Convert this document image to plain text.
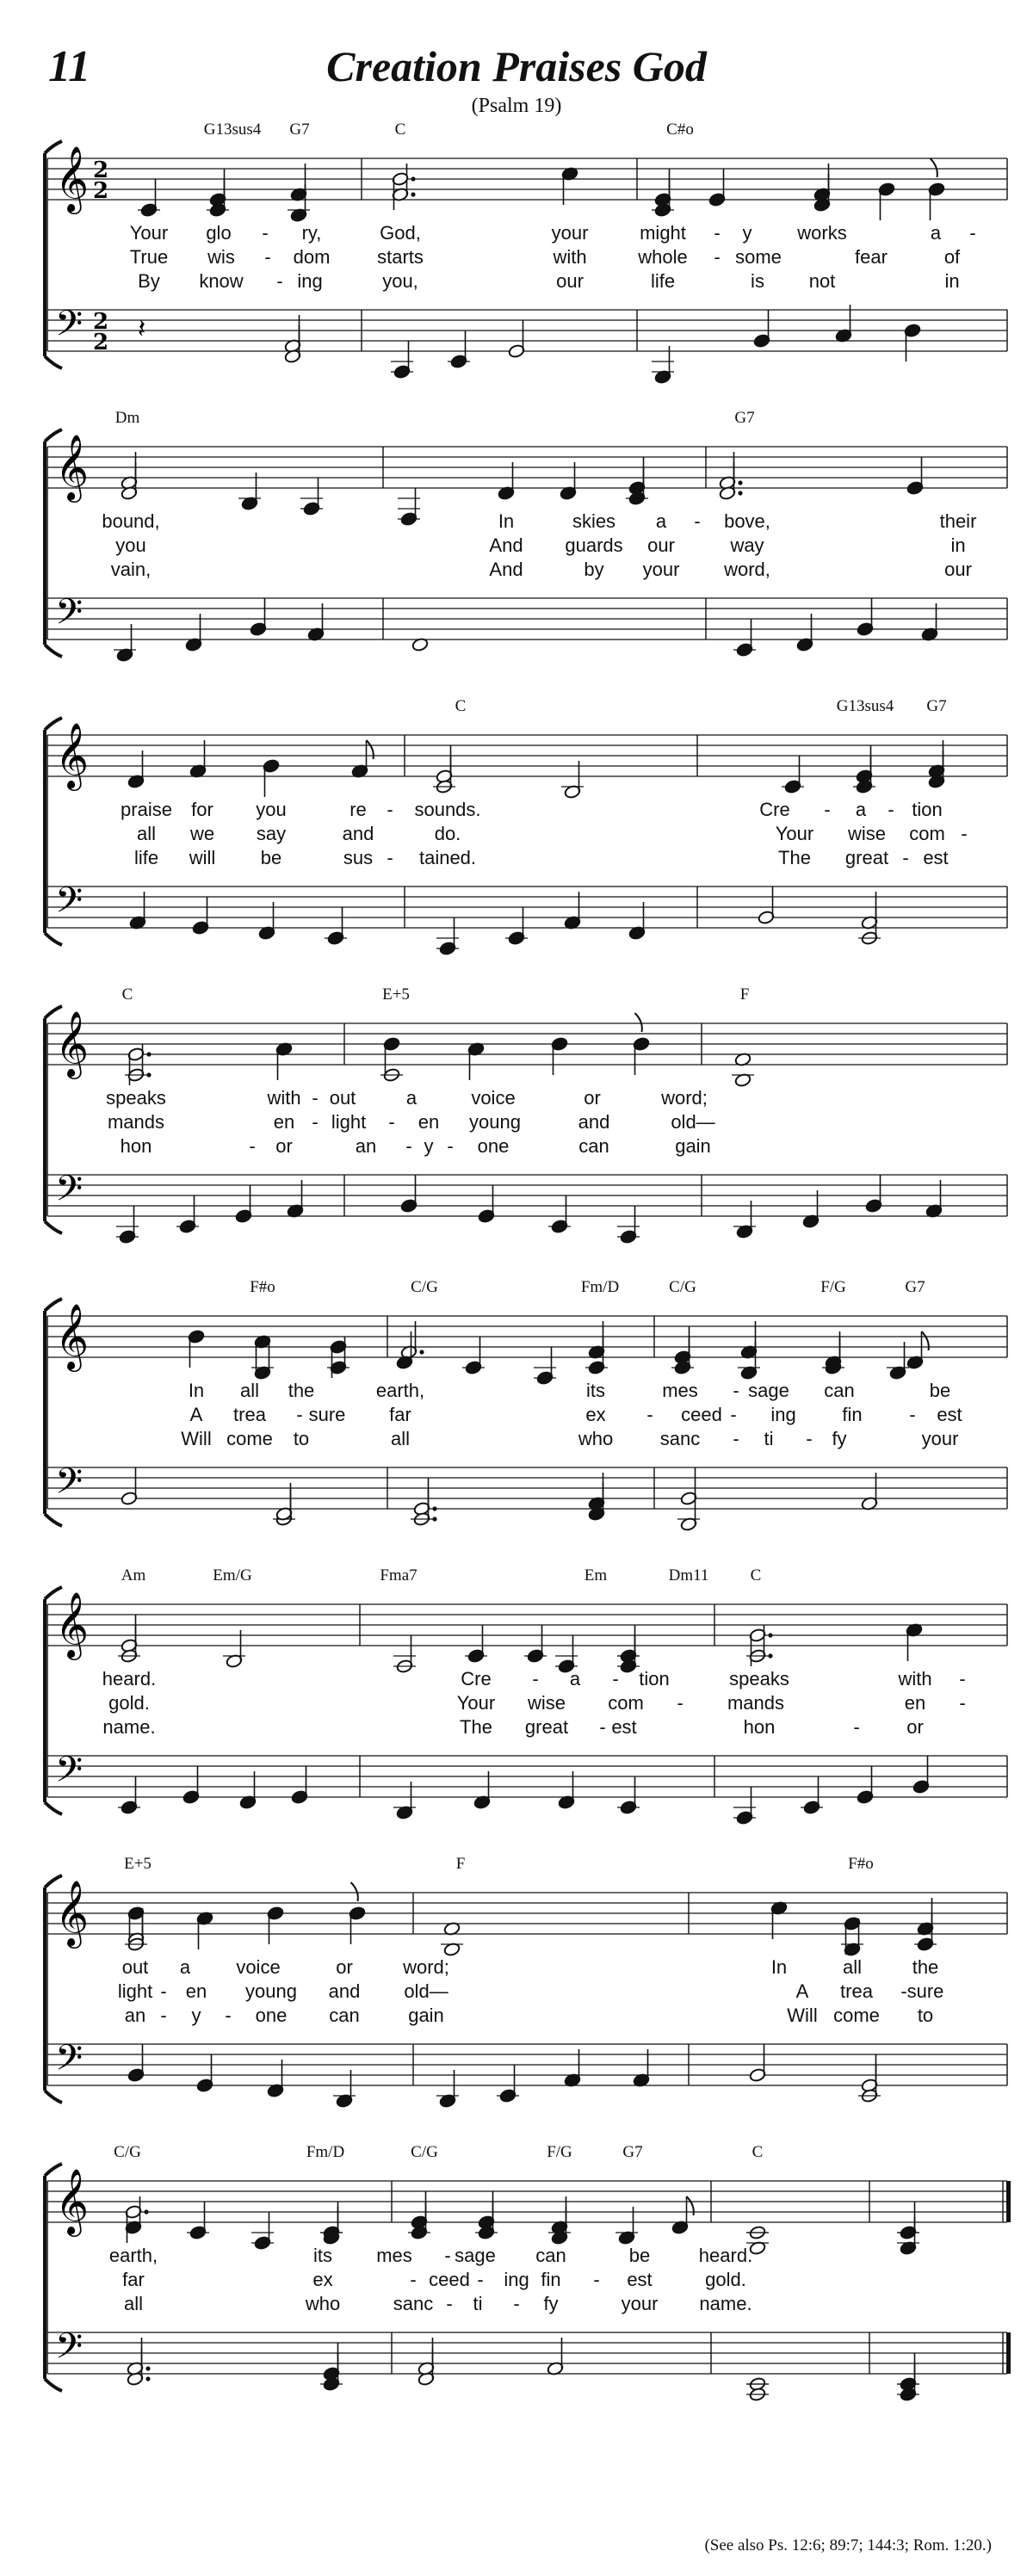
11	Creation Praises God
(Psalm 19)
G13sus4 G7	C	C#o
𝄞
𝄢
2
2
2
2 𝄽
Your glo - ry,	God,	your	might - y works	a -
True wis - dom starts	with	whole - some	fear	of
By know - ing	you,	our	life	is not	in
Dm	G7
𝄞
𝄢
bound,	In	skies a - bove,	their
you	And guards our	way	in
vain,	And	by your word,	our
C	G13sus4 G7
𝄞
𝄢
praise for you	re - sounds.	Cre - a - tion
all we say	and	do.	Your wise com -
life will be	sus - tained.	The great - est
C	E+5	F
𝄞
𝄢
speaks	with - out	a	voice	or	word;
mands	en - light - en young	and	old—
hon	- or	an - y - one	can	gain
F#o	C/G	Fm/D	C/G	F/G	G7
𝄞
𝄢
In all the	earth,	its	mes - sage can	be
A trea - sure far	ex - ceed - ing fin - est
Will come to	all	who sanc - ti - fy	your
Am	Em/G	Fma7	Em	Dm11	C
𝄞
𝄢
heard.	Cre - a - tion	speaks	with -
gold.	Your wise com - mands	en -
name.	The great - est	hon	- or
E+5	F	F#o
𝄞
𝄢
out a voice	or	word;	In	all	the
light - en young and old—	A trea - sure
an - y - one can	gain	Will come to
C/G	Fm/D	C/G	F/G	G7	C
𝄞
𝄢
earth,	its mes - sage can	be	heard.
far	ex	- ceed - ing fin - est	gold.
all	who	sanc - ti - fy	your name.
(See also Ps. 12:6; 89:7; 144:3; Rom. 1:20.)
